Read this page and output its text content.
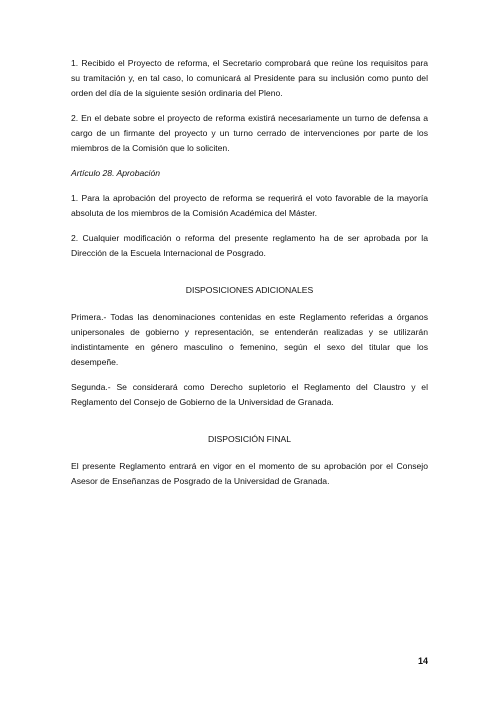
1. Recibido el Proyecto de reforma, el Secretario comprobará que reúne los requisitos para su tramitación y, en tal caso, lo comunicará al Presidente para su inclusión como punto del orden del día de la siguiente sesión ordinaria del Pleno.

2. En el debate sobre el proyecto de reforma existirá necesariamente un turno de defensa a cargo de un firmante del proyecto y un turno cerrado de intervenciones por parte de los miembros de la Comisión que lo soliciten.

Artículo 28. Aprobación

1. Para la aprobación del proyecto de reforma se requerirá el voto favorable de la mayoría absoluta de los miembros de la Comisión Académica del Máster.

2. Cualquier modificación o reforma del presente reglamento ha de ser aprobada por la Dirección de la Escuela Internacional de Posgrado.

DISPOSICIONES ADICIONALES

Primera.- Todas las denominaciones contenidas en este Reglamento referidas a órganos unipersonales de gobierno y representación, se entenderán realizadas y se utilizarán indistintamente en género masculino o femenino, según el sexo del titular que los desempeñe.

Segunda.- Se considerará como Derecho supletorio el Reglamento del Claustro y el Reglamento del Consejo de Gobierno de la Universidad de Granada.

DISPOSICIÓN FINAL

El presente Reglamento entrará en vigor en el momento de su aprobación por el Consejo Asesor de Enseñanzas de Posgrado de la Universidad de Granada.

14
